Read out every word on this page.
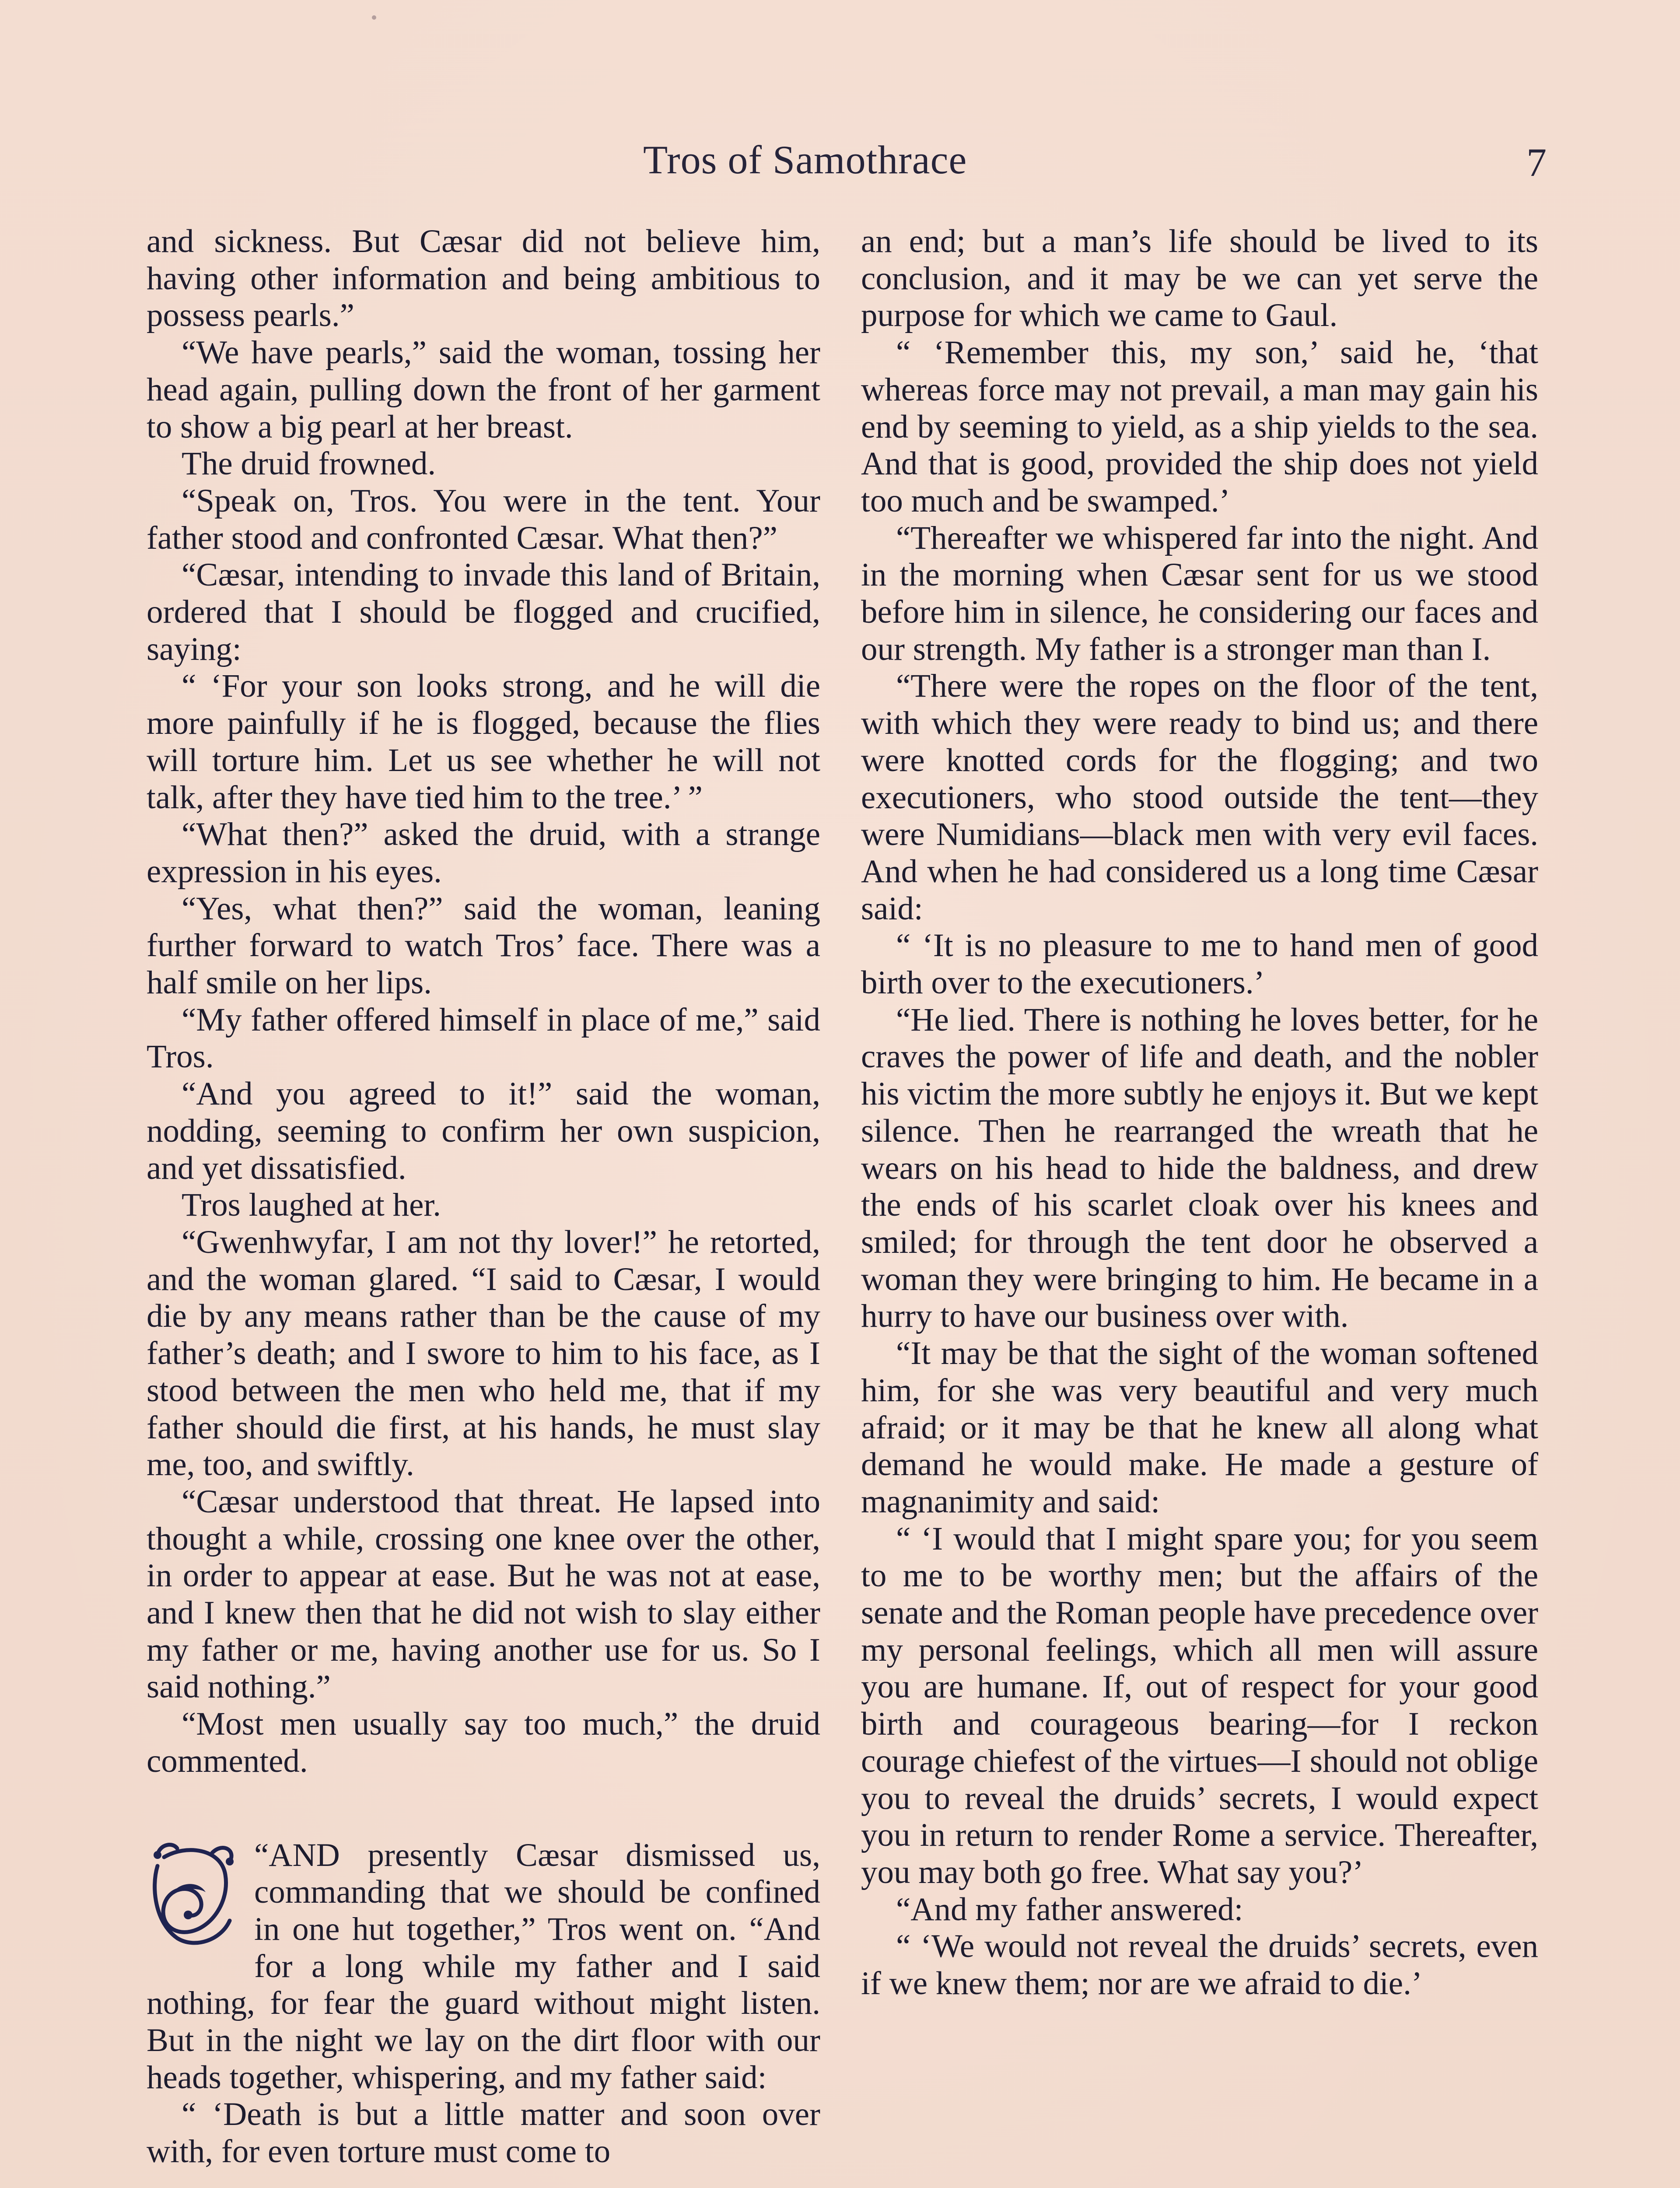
Tros of Samothrace	7

and sickness. But Cæsar did not believe him, having other information and being ambitious to possess pearls.”

“We have pearls,” said the woman, tossing her head again, pulling down the front of her garment to show a big pearl at her breast.

The druid frowned.

“Speak on, Tros. You were in the tent. Your father stood and confronted Cæsar. What then?”

“Cæsar, intending to invade this land of Britain, ordered that I should be flogged and crucified, saying:

“ ‘For your son looks strong, and he will die more painfully if he is flogged, because the flies will torture him. Let us see whether he will not talk, after they have tied him to the tree.’ ”

“What then?” asked the druid, with a strange expression in his eyes.

“Yes, what then?” said the woman, leaning further forward to watch Tros’ face. There was a half smile on her lips.

“My father offered himself in place of me,” said Tros.

“And you agreed to it!” said the woman, nodding, seeming to confirm her own suspicion, and yet dissatisfied.

Tros laughed at her.

“Gwenhwyfar, I am not thy lover!” he retorted, and the woman glared. “I said to Cæsar, I would die by any means rather than be the cause of my father’s death; and I swore to him to his face, as I stood between the men who held me, that if my father should die first, at his hands, he must slay me, too, and swiftly.

“Cæsar understood that threat. He lapsed into thought a while, crossing one knee over the other, in order to appear at ease. But he was not at ease, and I knew then that he did not wish to slay either my father or me, having another use for us. So I said nothing.”

“Most men usually say too much,” the druid commented.

“AND presently Cæsar dismissed us, commanding that we should be confined in one hut together,” Tros went on. “And for a long while my father and I said nothing, for fear the guard without might listen. But in the night we lay on the dirt floor with our heads together, whispering, and my father said:

“ ‘Death is but a little matter and soon over with, for even torture must come to

an end; but a man’s life should be lived to its conclusion, and it may be we can yet serve the purpose for which we came to Gaul.

“ ‘Remember this, my son,’ said he, ‘that whereas force may not prevail, a man may gain his end by seeming to yield, as a ship yields to the sea. And that is good, provided the ship does not yield too much and be swamped.’

“Thereafter we whispered far into the night. And in the morning when Cæsar sent for us we stood before him in silence, he considering our faces and our strength. My father is a stronger man than I.

“There were the ropes on the floor of the tent, with which they were ready to bind us; and there were knotted cords for the flogging; and two executioners, who stood outside the tent—they were Numidians—black men with very evil faces. And when he had considered us a long time Cæsar said:

“ ‘It is no pleasure to me to hand men of good birth over to the executioners.’

“He lied. There is nothing he loves better, for he craves the power of life and death, and the nobler his victim the more subtly he enjoys it. But we kept silence. Then he rearranged the wreath that he wears on his head to hide the baldness, and drew the ends of his scarlet cloak over his knees and smiled; for through the tent door he observed a woman they were bringing to him. He became in a hurry to have our business over with.

“It may be that the sight of the woman softened him, for she was very beautiful and very much afraid; or it may be that he knew all along what demand he would make. He made a gesture of magnanimity and said:

“ ‘I would that I might spare you; for you seem to me to be worthy men; but the affairs of the senate and the Roman people have precedence over my personal feelings, which all men will assure you are humane. If, out of respect for your good birth and courageous bearing—for I reckon courage chiefest of the virtues—I should not oblige you to reveal the druids’ secrets, I would expect you in return to render Rome a service. Thereafter, you may both go free. What say you?’

“And my father answered:

“ ‘We would not reveal the druids’ secrets, even if we knew them; nor are we afraid to die.’
